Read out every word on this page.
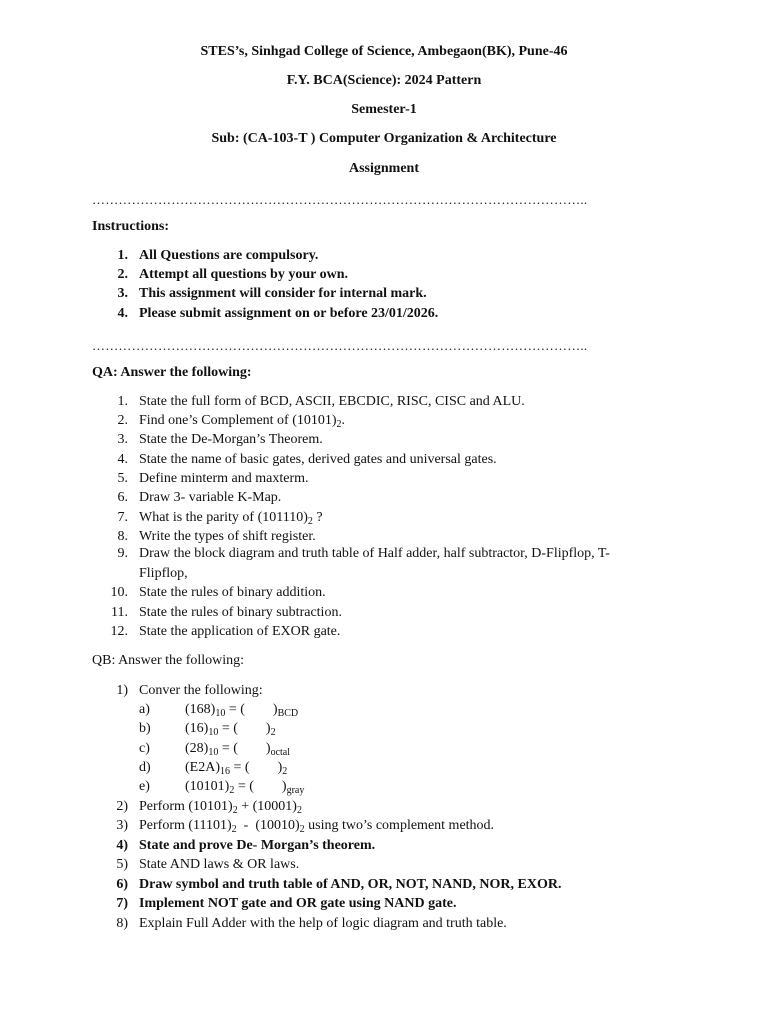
STES’s, Sinhgad College of Science, Ambegaon(BK), Pune-46
F.Y. BCA(Science): 2024 Pattern
Semester-1
Sub: (CA-103-T ) Computer Organization & Architecture
Assignment
…………………………………………………………………………………………………..
Instructions:
1. All Questions are compulsory.
2. Attempt all questions by your own.
3. This assignment will consider for internal mark.
4. Please submit assignment on or before 23/01/2026.
…………………………………………………………………………………………………..
QA: Answer the following:
1. State the full form of BCD, ASCII, EBCDIC, RISC, CISC and ALU.
2. Find one’s Complement of $(10101)_2$.
3. State the De-Morgan’s Theorem.
4. State the name of basic gates, derived gates and universal gates.
5. Define minterm and maxterm.
6. Draw 3- variable K-Map.
7. What is the parity of $(101110)_2$ ?
8. Write the types of shift register.
9. Draw the block diagram and truth table of Half adder, half subtractor, D-Flipflop, T-
Flipflop,
10. State the rules of binary addition.
11. State the rules of binary subtraction.
12. State the application of EXOR gate.
QB: Answer the following:
1) Conver the following:
a)	$(168)_{10}$ = ( )$_{BCD}$
b) $(16)_{10}$ = ( )$_2$
c)	$(28)_{10}$ = ( )$_{octal}$
d) $(E2A)_{16}$ = ( )$_2$
e)	$(10101)_2$ = ( )$_{gray}$
2) Perform $(10101)_2 + (10001)_2$
3) Perform $(11101)_2 - (10010)_2$ using two’s complement method.
4) State and prove De- Morgan’s theorem.
5) State AND laws & OR laws.
6) Draw symbol and truth table of AND, OR, NOT, NAND, NOR, EXOR.
7) Implement NOT gate and OR gate using NAND gate.
8) Explain Full Adder with the help of logic diagram and truth table.
